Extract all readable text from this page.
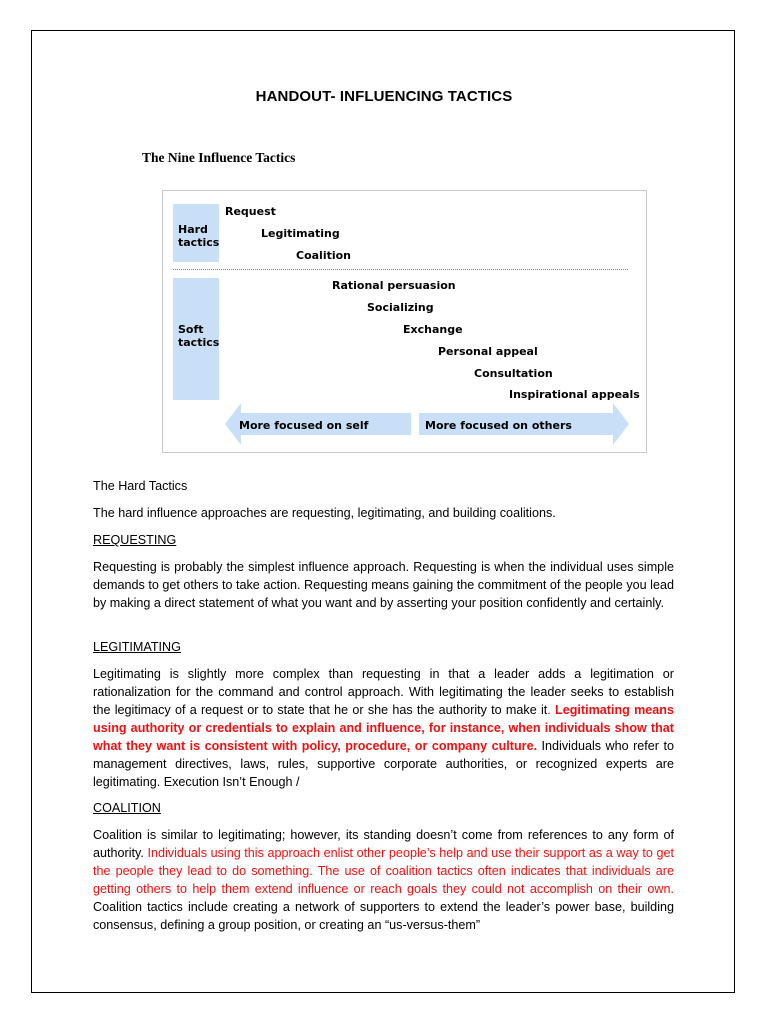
HANDOUT- INFLUENCING TACTICS
The Nine Influence Tactics
Hard
tactics
Request
Legitimating
Coalition
Soft
tactics
Rational persuasion
Socializing
Exchange
Personal appeal
Consultation
Inspirational appeals
More focused on self	More focused on others

The Hard Tactics

The hard influence approaches are requesting, legitimating, and building coalitions.

REQUESTING

Requesting is probably the simplest influence approach. Requesting is when the individual uses simple demands to get others to take action. Requesting means gaining the commitment of the people you lead by making a direct statement of what you want and by asserting your position confidently and certainly.

LEGITIMATING

Legitimating is slightly more complex than requesting in that a leader adds a legitimation or rationalization for the command and control approach. With legitimating the leader seeks to establish the legitimacy of a request or to state that he or she has the authority to make it. Legitimating means using authority or credentials to explain and influence, for instance, when individuals show that what they want is consistent with policy, procedure, or company culture. Individuals who refer to management directives, laws, rules, supportive corporate authorities, or recognized experts are legitimating. Execution Isn’t Enough /

COALITION

Coalition is similar to legitimating; however, its standing doesn’t come from references to any form of authority. Individuals using this approach enlist other people’s help and use their support as a way to get the people they lead to do something. The use of coalition tactics often indicates that individuals are getting others to help them extend influence or reach goals they could not accomplish on their own. Coalition tactics include creating a network of supporters to extend the leader’s power base, building consensus, defining a group position, or creating an “us-versus-them”
